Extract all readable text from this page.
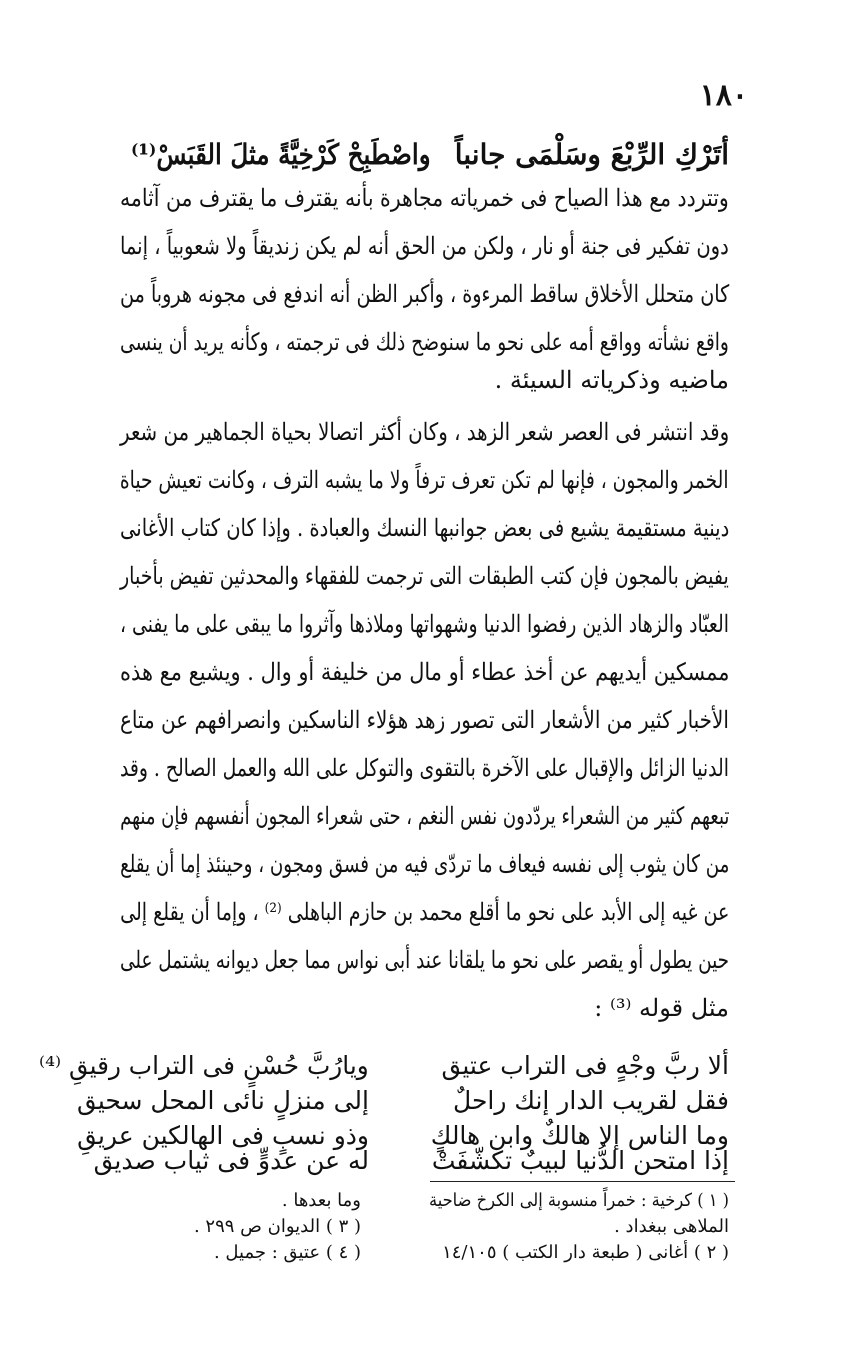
١٨٠
أتَرْكِ الرِّبْعَ وسَلْمَى جانباً
واصْطَبِحْ كَرْخِيَّةً مثلَ القَبَسْ⁽¹⁾
وتتردد مع هذا الصياح فى خمرياته مجاهرة بأنه يقترف ما يقترف من آثامه
دون تفكير فى جنة أو نار ، ولكن من الحق أنه لم يكن زنديقاً ولا شعوبياً ، إنما
كان متحلل الأخلاق ساقط المرءوة ، وأكبر الظن أنه اندفع فى مجونه هروباً من
واقع نشأته وواقع أمه على نحو ما سنوضح ذلك فى ترجمته ، وكأنه يريد أن ينسى
ماضيه وذكرياته السيئة .
وقد انتشر فى العصر شعر الزهد ، وكان أكثر اتصالا بحياة الجماهير من شعر
الخمر والمجون ، فإنها لم تكن تعرف ترفاً ولا ما يشبه الترف ، وكانت تعيش حياة
دينية مستقيمة يشيع فى بعض جوانبها النسك والعبادة . وإذا كان كتاب الأغانى
يفيض بالمجون فإن كتب الطبقات التى ترجمت للفقهاء والمحدثين تفيض بأخبار
العبّاد والزهاد الذين رفضوا الدنيا وشهواتها وملاذها وآثروا ما يبقى على ما يفنى ،
ممسكين أيديهم عن أخذ عطاء أو مال من خليفة أو وال . ويشيع مع هذه
الأخبار كثير من الأشعار التى تصور زهد هؤلاء الناسكين وانصرافهم عن متاع
الدنيا الزائل والإقبال على الآخرة بالتقوى والتوكل على الله والعمل الصالح . وقد
تبعهم كثير من الشعراء يردّدون نفس النغم ، حتى شعراء المجون أنفسهم فإن منهم
من كان يثوب إلى نفسه فيعاف ما تردّى فيه من فسق ومجون ، وحينئذ إما أن يقلع
عن غيه إلى الأبد على نحو ما أقلع محمد بن حازم الباهلى ⁽²⁾ ، وإما أن يقلع إلى
حين يطول أو يقصر على نحو ما يلقانا عند أبى نواس مما جعل ديوانه يشتمل على
مثل قوله ⁽³⁾ :
ألا ربَّ وجْهٍ فى التراب عتيق
ويارُبَّ حُسْنٍ فى التراب رقيقِ ⁽⁴⁾
فقل لقريب الدار إنك راحلٌ
إلى منزلٍ نائى المحل سحيق
وما الناس إلا هالكٌ وابن هالكٍ
وذو نسبٍ فى الهالكين عريقِ
إذا امتحن الدُّنيا لبيبٌ تكشّفَتْ
له عن عدوٍّ فى ثياب صديق
( ١ ) كرخية : خمراً منسوبة إلى الكرخ ضاحية
الملاهى ببغداد .
( ٢ ) أغانى ( طبعة دار الكتب ) ١٤/١٠٥
وما بعدها .
( ٣ ) الديوان ص ٢٩٩ .
( ٤ ) عتيق : جميل .
